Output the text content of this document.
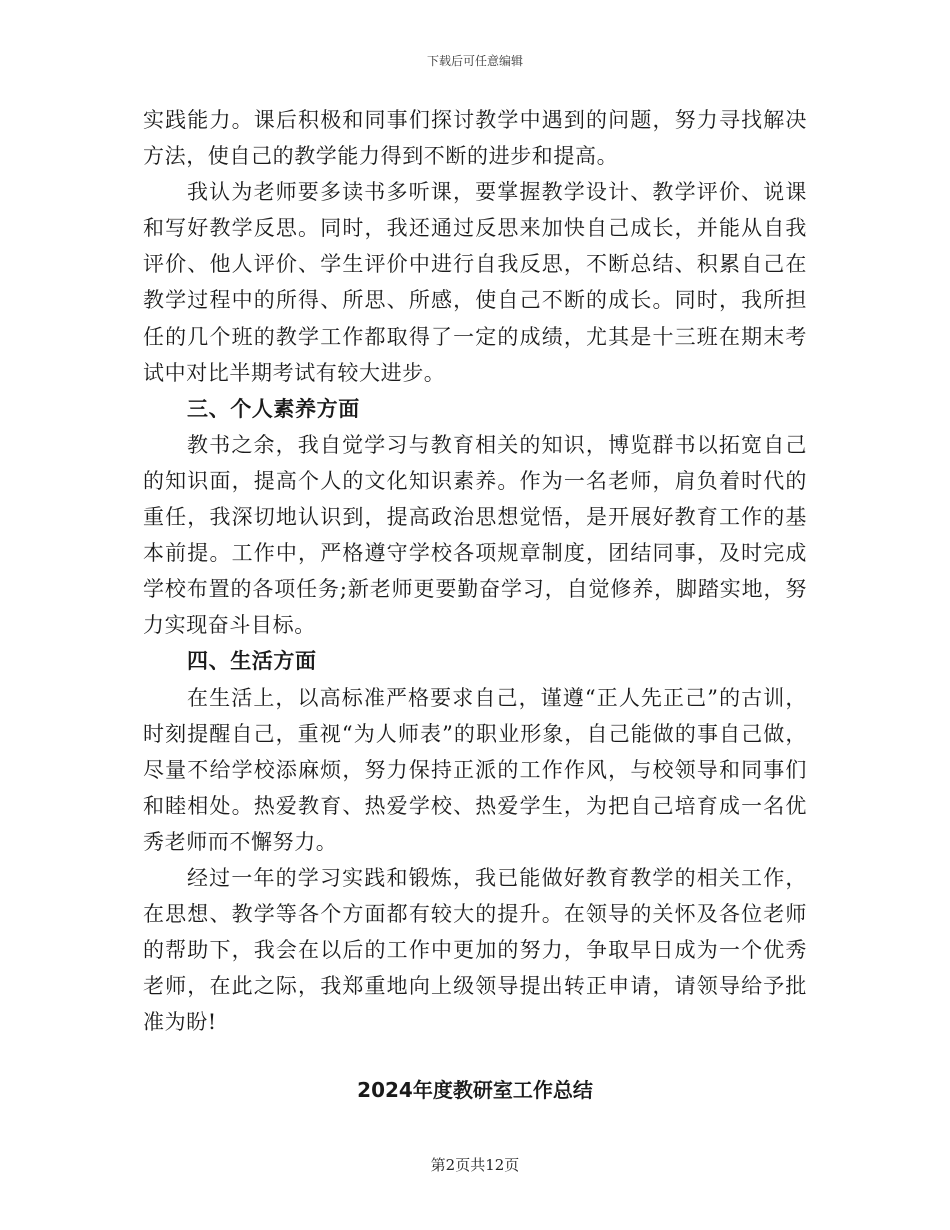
下载后可任意编辑

实践能力。课后积极和同事们探讨教学中遇到的问题，努力寻找解决方法，使自己的教学能力得到不断的进步和提高。

我认为老师要多读书多听课，要掌握教学设计、教学评价、说课和写好教学反思。同时，我还通过反思来加快自己成长，并能从自我评价、他人评价、学生评价中进行自我反思，不断总结、积累自己在教学过程中的所得、所思、所感，使自己不断的成长。同时，我所担任的几个班的教学工作都取得了一定的成绩，尤其是十三班在期末考试中对比半期考试有较大进步。

三、个人素养方面

教书之余，我自觉学习与教育相关的知识，博览群书以拓宽自己的知识面，提高个人的文化知识素养。作为一名老师，肩负着时代的重任，我深切地认识到，提高政治思想觉悟，是开展好教育工作的基本前提。工作中，严格遵守学校各项规章制度，团结同事，及时完成学校布置的各项任务;新老师更要勤奋学习，自觉修养，脚踏实地，努力实现奋斗目标。

四、生活方面

在生活上，以高标准严格要求自己，谨遵“正人先正己”的古训，时刻提醒自己，重视“为人师表”的职业形象，自己能做的事自己做，尽量不给学校添麻烦，努力保持正派的工作作风，与校领导和同事们和睦相处。热爱教育、热爱学校、热爱学生，为把自己培育成一名优秀老师而不懈努力。

经过一年的学习实践和锻炼，我已能做好教育教学的相关工作，在思想、教学等各个方面都有较大的提升。在领导的关怀及各位老师的帮助下，我会在以后的工作中更加的努力，争取早日成为一个优秀老师，在此之际，我郑重地向上级领导提出转正申请，请领导给予批准为盼!

2024年度教研室工作总结
第2页共12页
